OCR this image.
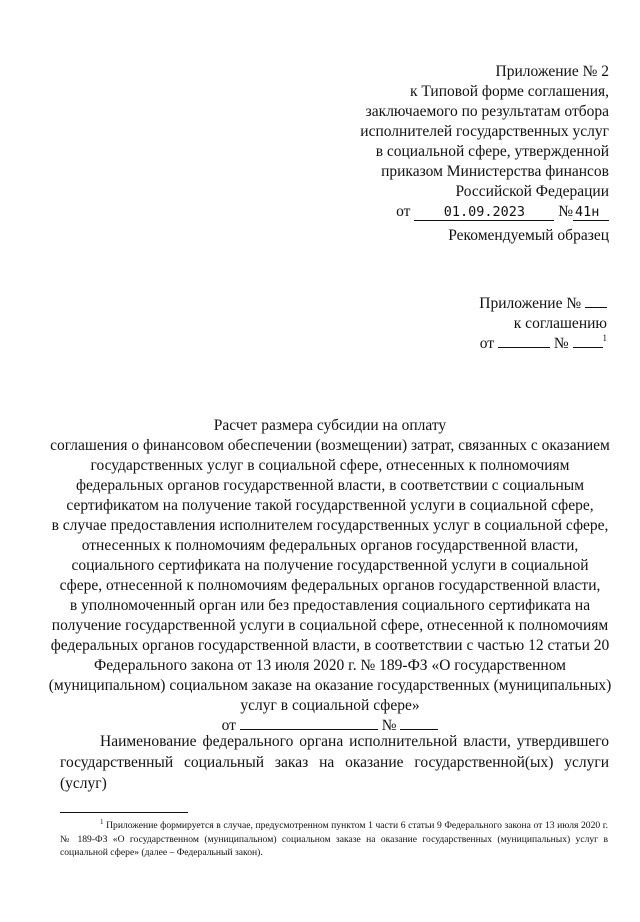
Приложение № 2
к Типовой форме соглашения,
заключаемого по результатам отбора
исполнителей государственных услуг
в социальной сфере, утвержденной
приказом Министерства финансов
Российской Федерации
от 01.09.2023 № 41н
Рекомендуемый образец
Приложение №
к соглашению
от	№	$^1$
Расчет размера субсидии на оплату
соглашения о финансовом обеспечении (возмещении) затрат, связанных с оказанием
государственных услуг в социальной сфере, отнесенных к полномочиям
федеральных органов государственной власти, в соответствии с социальным
сертификатом на получение такой государственной услуги в социальной сфере,
в случае предоставления исполнителем государственных услуг в социальной сфере,
отнесенных к полномочиям федеральных органов государственной власти,
социального сертификата на получение государственной услуги в социальной
сфере, отнесенной к полномочиям федеральных органов государственной власти,
в уполномоченный орган или без предоставления социального сертификата на
получение государственной услуги в социальной сфере, отнесенной к полномочиям
федеральных органов государственной власти, в соответствии с частью 12 статьи 20
Федерального закона от 13 июля 2020 г. № 189-ФЗ «О государственном
(муниципальном) социальном заказе на оказание государственных (муниципальных)
услуг в социальной сфере»
от	№
Наименование федерального органа исполнительной власти, утвердившего государственный социальный заказ на оказание государственной(ых) услуги (услуг)
$^1$ Приложение формируется в случае, предусмотренном пунктом 1 части 6 статьи 9 Федерального закона от 13 июля 2020 г. № 189-ФЗ «О государственном (муниципальном) социальном заказе на оказание государственных (муниципальных) услуг в социальной сфере» (далее – Федеральный закон).
